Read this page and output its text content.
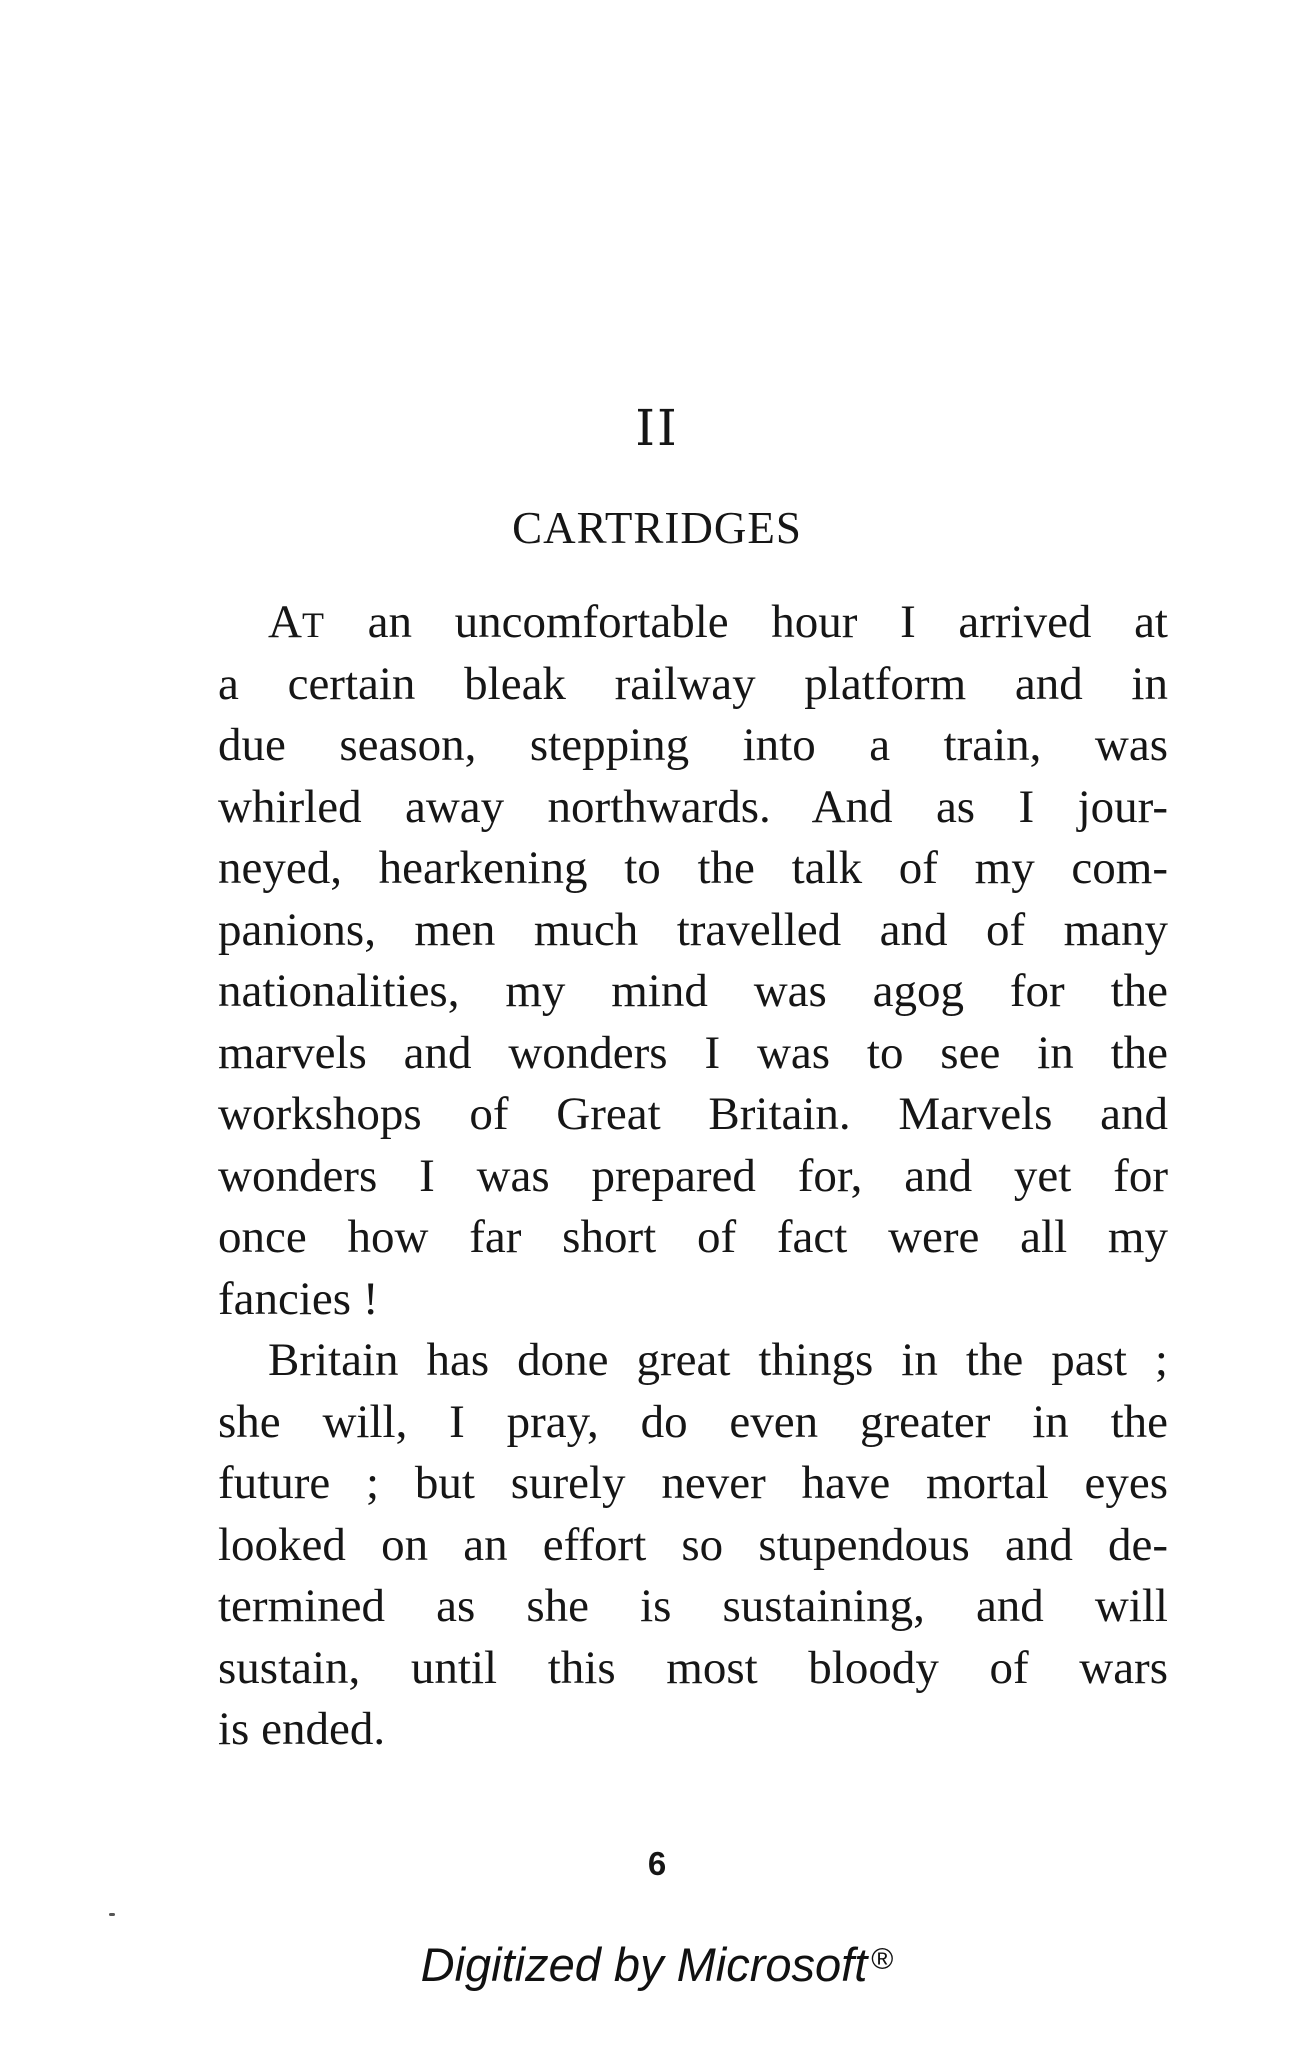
II
CARTRIDGES
AT an uncomfortable hour I arrived at
a certain bleak railway platform and in
due season, stepping into a train, was
whirled away northwards. And as I jour-
neyed, hearkening to the talk of my com-
panions, men much travelled and of many
nationalities, my mind was agog for the
marvels and wonders I was to see in the
workshops of Great Britain. Marvels and
wonders I was prepared for, and yet for
once how far short of fact were all my
fancies !
Britain has done great things in the past ;
she will, I pray, do even greater in the
future ; but surely never have mortal eyes
looked on an effort so stupendous and de-
termined as she is sustaining, and will
sustain, until this most bloody of wars
is ended.
6
Digitized by Microsoft ®
